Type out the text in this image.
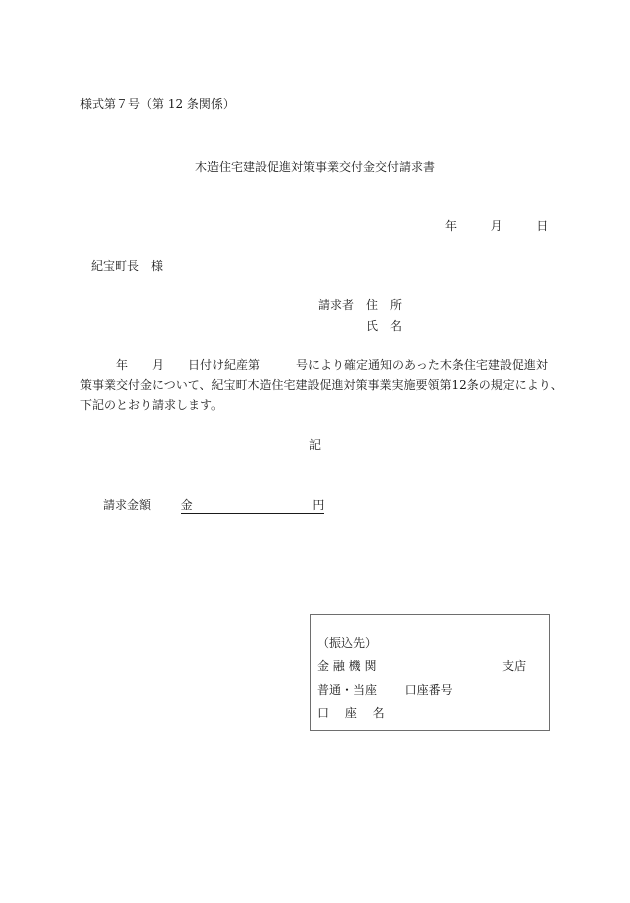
様式第７号（第 12 条関係）
木造住宅建設促進対策事業交付金交付請求書
年	月	日
紀宝町長　様
請求者　住　所
氏　名
　　　年　　月　　日付け紀産第　　　号により確定通知のあった木条住宅建設促進対
策事業交付金について、紀宝町木造住宅建設促進対策事業実施要領第12条の規定により、
下記のとおり請求します。
記
請求金額 金	円
（振込先）
金 融 機 関	支店
普通・当座 口座番号
口　 座 　名
